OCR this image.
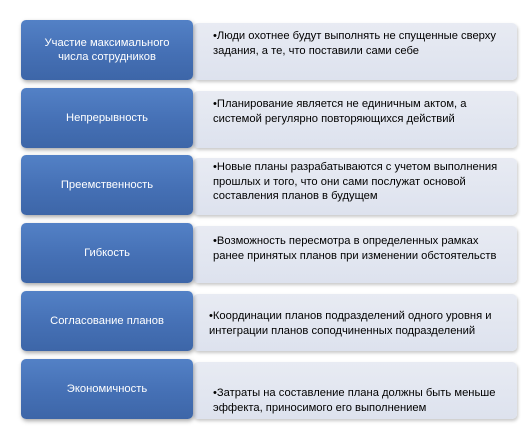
•Люди охотнее будут выполнять не спущенные сверху задания, а те, что поставили сами себе
Участие максимального числа сотрудников
•Планирование является не единичным актом, а системой регулярно повторяющихся действий
Непрерывность
•Новые планы разрабатываются с учетом выполнения прошлых и того, что они сами послужат основой составления планов в будущем
Преемственность
•Возможность пересмотра в определенных рамках ранее принятых планов при изменении обстоятельств
Гибкость
•Координации планов подразделений одного уровня и интеграции планов соподчиненных подразделений
Согласование планов
•Затраты на составление плана должны быть меньше эффекта, приносимого его выполнением
Экономичность
